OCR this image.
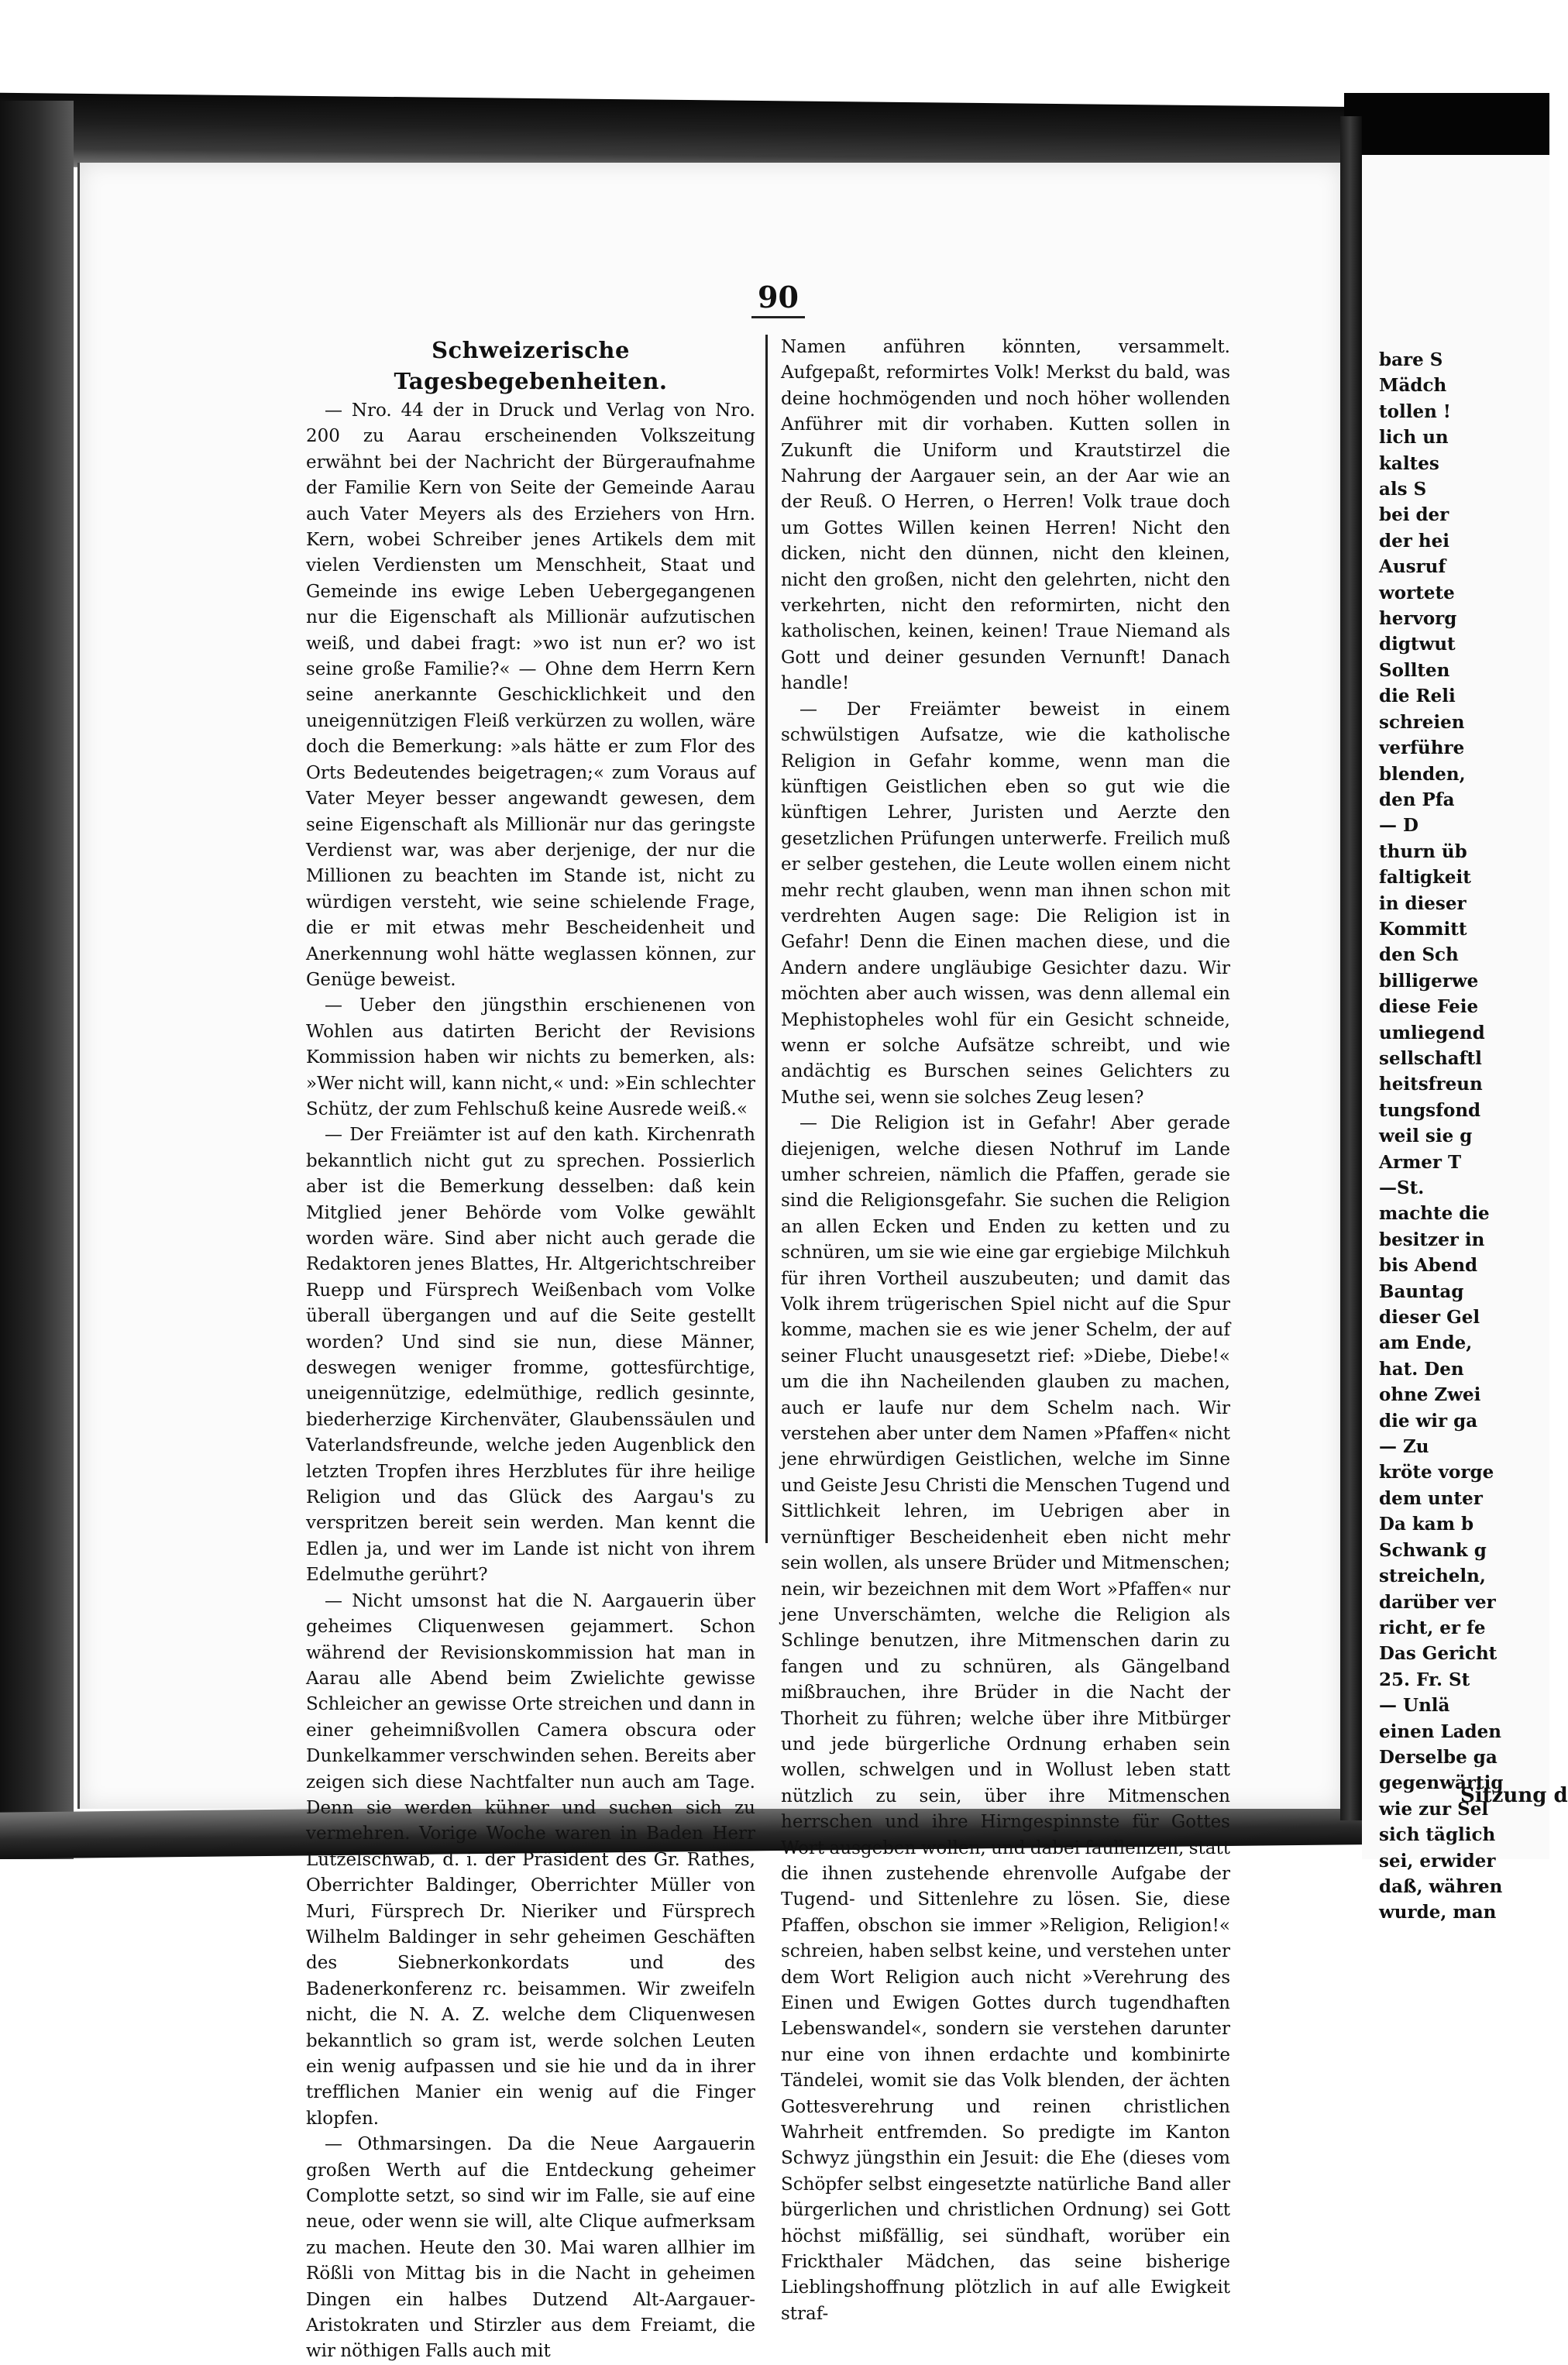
90
Schweizerische Tagesbegebenheiten.

— Nro. 44 der in Druck und Verlag von Nro. 200 zu Aarau erscheinenden Volkszeitung erwähnt bei der Nachricht der Bürgeraufnahme der Familie Kern von Seite der Gemeinde Aarau auch Vater Meyers als des Erziehers von Hrn. Kern, wobei Schreiber jenes Artikels dem mit vielen Verdiensten um Menschheit, Staat und Gemeinde ins ewige Leben Uebergegangenen nur die Eigenschaft als Millionär aufzutischen weiß, und dabei fragt: »wo ist nun er? wo ist seine große Familie?« — Ohne dem Herrn Kern seine anerkannte Geschicklichkeit und den uneigennützigen Fleiß verkürzen zu wollen, wäre doch die Bemerkung: »als hätte er zum Flor des Orts Bedeutendes beigetragen;« zum Voraus auf Vater Meyer besser angewandt gewesen, dem seine Eigenschaft als Millionär nur das geringste Verdienst war, was aber derjenige, der nur die Millionen zu beachten im Stande ist, nicht zu würdigen versteht, wie seine schielende Frage, die er mit etwas mehr Bescheidenheit und Anerkennung wohl hätte weglassen können, zur Genüge beweist.

— Ueber den jüngsthin erschienenen von Wohlen aus datirten Bericht der Revisions Kommission haben wir nichts zu bemerken, als: »Wer nicht will, kann nicht,« und: »Ein schlechter Schütz, der zum Fehlschuß keine Ausrede weiß.«

— Der Freiämter ist auf den kath. Kirchenrath bekanntlich nicht gut zu sprechen. Possierlich aber ist die Bemerkung desselben: daß kein Mitglied jener Behörde vom Volke gewählt worden wäre. Sind aber nicht auch gerade die Redaktoren jenes Blattes, Hr. Altgerichtschreiber Ruepp und Fürsprech Weißenbach vom Volke überall übergangen und auf die Seite gestellt worden? Und sind sie nun, diese Männer, deswegen weniger fromme, gottesfürchtige, uneigennützige, edelmüthige, redlich gesinnte, biederherzige Kirchenväter, Glaubenssäulen und Vaterlandsfreunde, welche jeden Augenblick den letzten Tropfen ihres Herzblutes für ihre heilige Religion und das Glück des Aargau's zu verspritzen bereit sein werden. Man kennt die Edlen ja, und wer im Lande ist nicht von ihrem Edelmuthe gerührt?

— Nicht umsonst hat die N. Aargauerin über geheimes Cliquenwesen gejammert. Schon während der Revisionskommission hat man in Aarau alle Abend beim Zwielichte gewisse Schleicher an gewisse Orte streichen und dann in einer geheimnißvollen Camera obscura oder Dunkelkammer verschwinden sehen. Bereits aber zeigen sich diese Nachtfalter nun auch am Tage. Denn sie werden kühner und suchen sich zu vermehren. Vorige Woche waren in Baden Herr Lützelschwab, d. i. der Präsident des Gr. Rathes, Oberrichter Baldinger, Oberrichter Müller von Muri, Fürsprech Dr. Nieriker und Fürsprech Wilhelm Baldinger in sehr geheimen Geschäften des Siebnerkonkordats und des Badenerkonferenz rc. beisammen. Wir zweifeln nicht, die N. A. Z. welche dem Cliquenwesen bekanntlich so gram ist, werde solchen Leuten ein wenig aufpassen und sie hie und da in ihrer trefflichen Manier ein wenig auf die Finger klopfen.

— Othmarsingen. Da die Neue Aargauerin großen Werth auf die Entdeckung geheimer Complotte setzt, so sind wir im Falle, sie auf eine neue, oder wenn sie will, alte Clique aufmerksam zu machen. Heute den 30. Mai waren allhier im Rößli von Mittag bis in die Nacht in geheimen Dingen ein halbes Dutzend Alt-Aargauer-Aristokraten und Stirzler aus dem Freiamt, die wir nöthigen Falls auch mit

Namen anführen könnten, versammelt. Aufgepaßt, reformirtes Volk! Merkst du bald, was deine hochmögenden und noch höher wollenden Anführer mit dir vorhaben. Kutten sollen in Zukunft die Uniform und Krautstirzel die Nahrung der Aargauer sein, an der Aar wie an der Reuß. O Herren, o Herren! Volk traue doch um Gottes Willen keinen Herren! Nicht den dicken, nicht den dünnen, nicht den kleinen, nicht den großen, nicht den gelehrten, nicht den verkehrten, nicht den reformirten, nicht den katholischen, keinen, keinen! Traue Niemand als Gott und deiner gesunden Vernunft! Danach handle!

— Der Freiämter beweist in einem schwülstigen Aufsatze, wie die katholische Religion in Gefahr komme, wenn man die künftigen Geistlichen eben so gut wie die künftigen Lehrer, Juristen und Aerzte den gesetzlichen Prüfungen unterwerfe. Freilich muß er selber gestehen, die Leute wollen einem nicht mehr recht glauben, wenn man ihnen schon mit verdrehten Augen sage: Die Religion ist in Gefahr! Denn die Einen machen diese, und die Andern andere ungläubige Gesichter dazu. Wir möchten aber auch wissen, was denn allemal ein Mephistopheles wohl für ein Gesicht schneide, wenn er solche Aufsätze schreibt, und wie andächtig es Burschen seines Gelichters zu Muthe sei, wenn sie solches Zeug lesen?

— Die Religion ist in Gefahr! Aber gerade diejenigen, welche diesen Nothruf im Lande umher schreien, nämlich die Pfaffen, gerade sie sind die Religionsgefahr. Sie suchen die Religion an allen Ecken und Enden zu ketten und zu schnüren, um sie wie eine gar ergiebige Milchkuh für ihren Vortheil auszubeuten; und damit das Volk ihrem trügerischen Spiel nicht auf die Spur komme, machen sie es wie jener Schelm, der auf seiner Flucht unausgesetzt rief: »Diebe, Diebe!« um die ihn Nacheilenden glauben zu machen, auch er laufe nur dem Schelm nach. Wir verstehen aber unter dem Namen »Pfaffen« nicht jene ehrwürdigen Geistlichen, welche im Sinne und Geiste Jesu Christi die Menschen Tugend und Sittlichkeit lehren, im Uebrigen aber in vernünftiger Bescheidenheit eben nicht mehr sein wollen, als unsere Brüder und Mitmenschen; nein, wir bezeichnen mit dem Wort »Pfaffen« nur jene Unverschämten, welche die Religion als Schlinge benutzen, ihre Mitmenschen darin zu fangen und zu schnüren, als Gängelband mißbrauchen, ihre Brüder in die Nacht der Thorheit zu führen; welche über ihre Mitbürger und jede bürgerliche Ordnung erhaben sein wollen, schwelgen und in Wollust leben statt nützlich zu sein, über ihre Mitmenschen herrschen und ihre Hirngespinnste für Gottes Wort ausgeben wollen, und dabei faullenzen, statt die ihnen zustehende ehrenvolle Aufgabe der Tugend- und Sittenlehre zu lösen. Sie, diese Pfaffen, obschon sie immer »Religion, Religion!« schreien, haben selbst keine, und verstehen unter dem Wort Religion auch nicht »Verehrung des Einen und Ewigen Gottes durch tugendhaften Lebenswandel«, sondern sie verstehen darunter nur eine von ihnen erdachte und kombinirte Tändelei, womit sie das Volk blenden, der ächten Gottesverehrung und reinen christlichen Wahrheit entfremden. So predigte im Kanton Schwyz jüngsthin ein Jesuit: die Ehe (dieses vom Schöpfer selbst eingesetzte natürliche Band aller bürgerlichen und christlichen Ordnung) sei Gott höchst mißfällig, sei sündhaft, worüber ein Frickthaler Mädchen, das seine bisherige Lieblingshoffnung plötzlich in auf alle Ewigkeit straf-

bare S
Mädch
tollen !
lich un
kaltes
als S
bei der
der hei
Ausruf
wortete
hervorg
digtwut
Sollten
die Reli
schreien
verführe
blenden,
den Pfa
— D
thurn üb
faltigkeit
in dieser
Kommitt
den Sch
billigerwe
diese Feie
umliegend
sellschaftl
heitsfreun
tungsfond
weil sie g
Armer T
—St.
machte die
besitzer in
bis Abend
Bauntag
dieser Gel
am Ende,
hat. Den
ohne Zwei
die wir ga
— Zu
kröte vorge
dem unter
Da kam b
Schwank g
streicheln,
darüber ver
richt, er fe
Das Gericht
25. Fr. St
— Unlä
einen Laden
Derselbe ga
gegenwärtig
wie zur Sel
sich täglich
sei, erwider
daß, währen
wurde, man
Sitzung d
